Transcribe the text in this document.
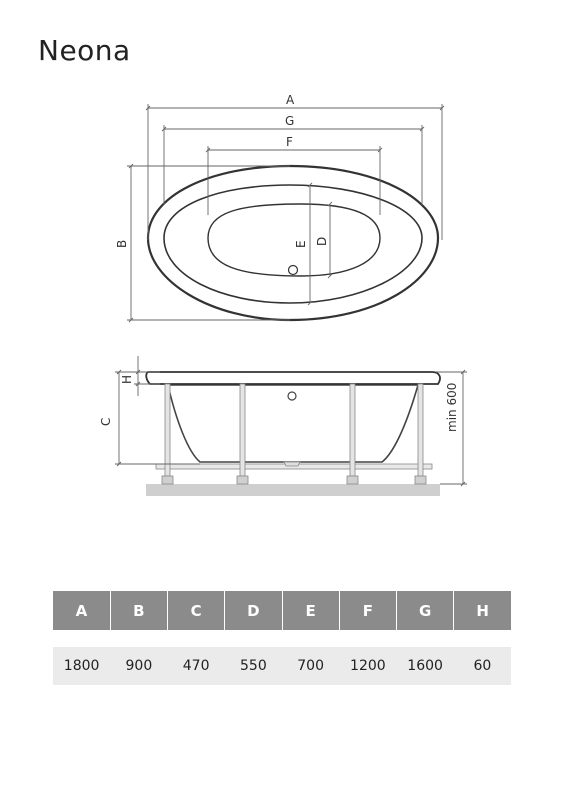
Neona
A
G
F
B	E D
H
C	min 600
A	B	C	D	E	F	G	H

1800	900	470	550	700	1200	1600	60
